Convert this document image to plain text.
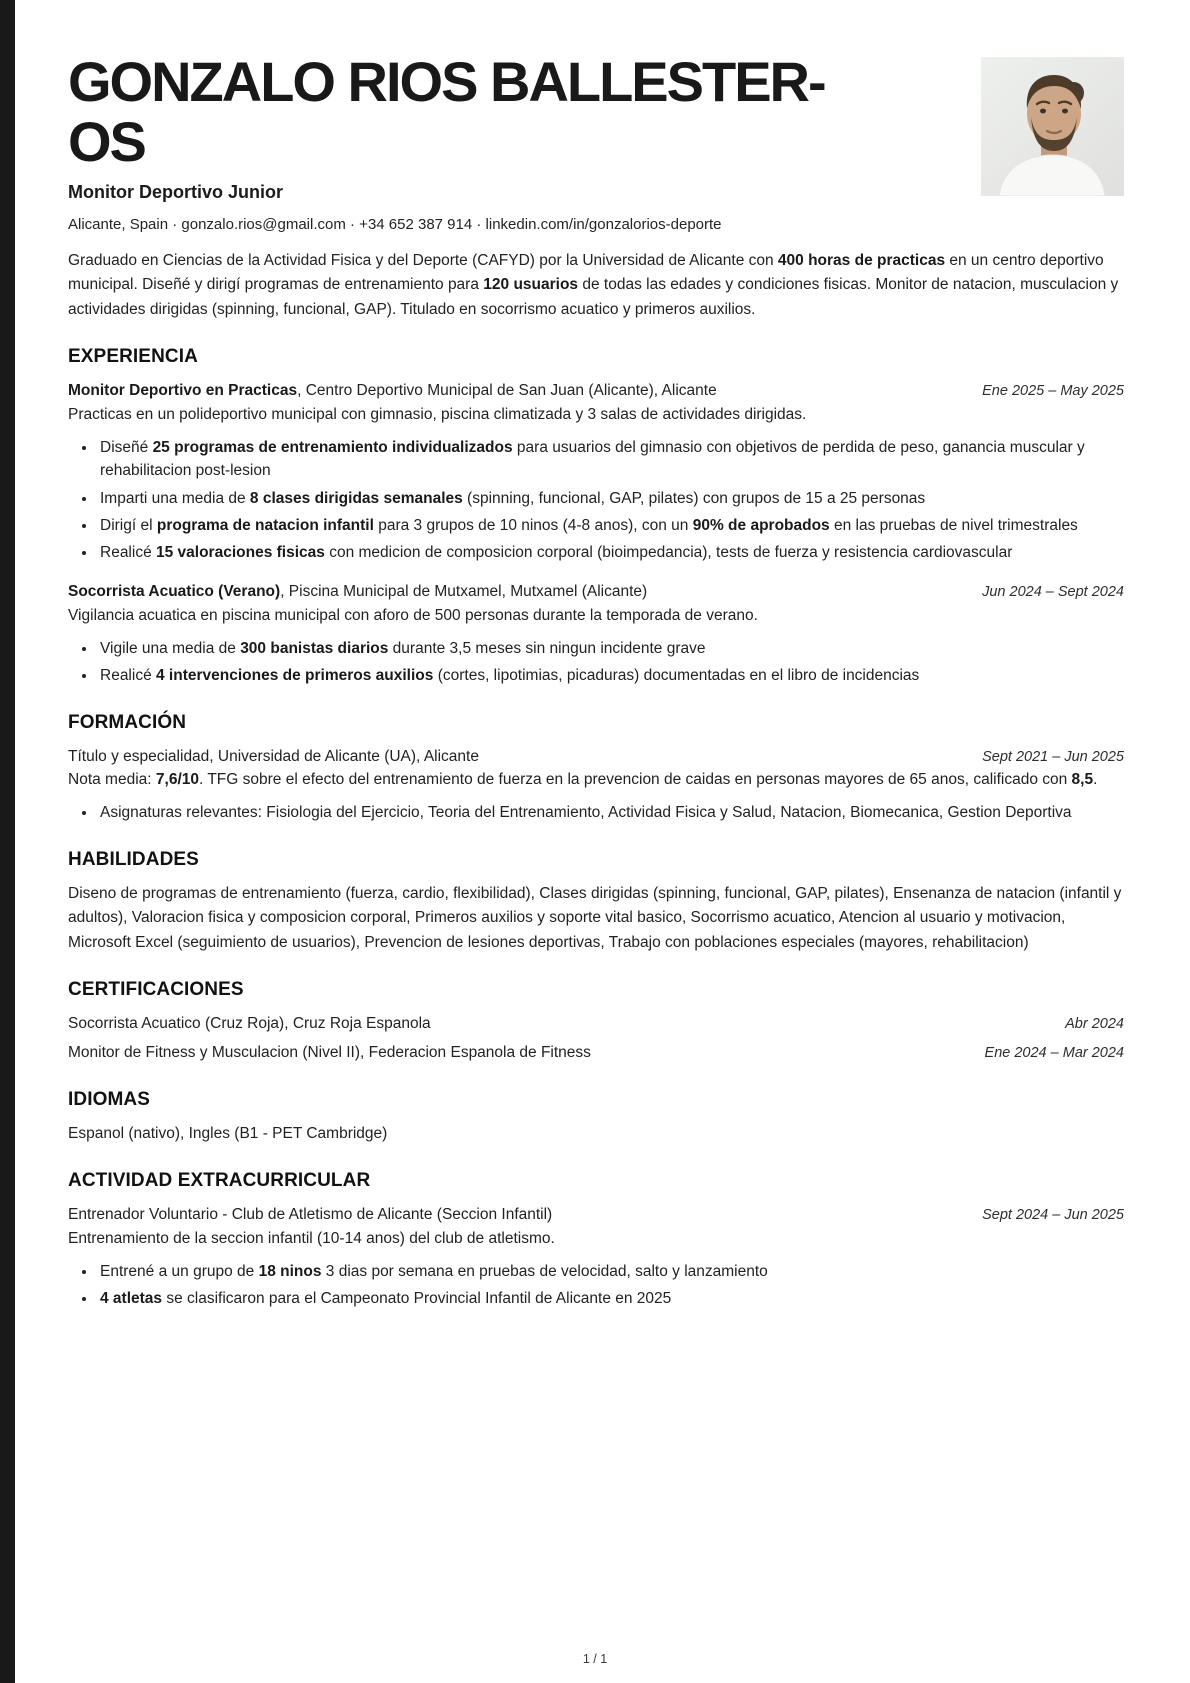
GONZALO RIOS BALLESTER-
OS
Monitor Deportivo Junior
Alicante, Spain · gonzalo.rios@gmail.com · +34 652 387 914 · linkedin.com/in/gonzalorios-deporte

Graduado en Ciencias de la Actividad Fisica y del Deporte (CAFYD) por la Universidad de Alicante con 400 horas de practicas en un centro deportivo municipal. Diseñé y dirigí programas de entrenamiento para 120 usuarios de todas las edades y condiciones fisicas. Monitor de natacion, musculacion y actividades dirigidas (spinning, funcional, GAP). Titulado en socorrismo acuatico y primeros auxilios.

EXPERIENCIA
Monitor Deportivo en Practicas, Centro Deportivo Municipal de San Juan (Alicante), Alicante	Ene 2025 – May 2025
Practicas en un polideportivo municipal con gimnasio, piscina climatizada y 3 salas de actividades dirigidas.
• Diseñé 25 programas de entrenamiento individualizados para usuarios del gimnasio con objetivos de perdida de peso, ganancia muscular y rehabilitacion post-lesion
• Imparti una media de 8 clases dirigidas semanales (spinning, funcional, GAP, pilates) con grupos de 15 a 25 personas
• Dirigí el programa de natacion infantil para 3 grupos de 10 ninos (4-8 anos), con un 90% de aprobados en las pruebas de nivel trimestrales
• Realicé 15 valoraciones fisicas con medicion de composicion corporal (bioimpedancia), tests de fuerza y resistencia cardiovascular
Socorrista Acuatico (Verano), Piscina Municipal de Mutxamel, Mutxamel (Alicante)	Jun 2024 – Sept 2024
Vigilancia acuatica en piscina municipal con aforo de 500 personas durante la temporada de verano.
• Vigile una media de 300 banistas diarios durante 3,5 meses sin ningun incidente grave
• Realicé 4 intervenciones de primeros auxilios (cortes, lipotimias, picaduras) documentadas en el libro de incidencias
FORMACIÓN
Título y especialidad, Universidad de Alicante (UA), Alicante	Sept 2021 – Jun 2025
Nota media: 7,6/10. TFG sobre el efecto del entrenamiento de fuerza en la prevencion de caidas en personas mayores de 65 anos, calificado con 8,5.
• Asignaturas relevantes: Fisiologia del Ejercicio, Teoria del Entrenamiento, Actividad Fisica y Salud, Natacion, Biomecanica, Gestion Deportiva
HABILIDADES

Diseno de programas de entrenamiento (fuerza, cardio, flexibilidad), Clases dirigidas (spinning, funcional, GAP, pilates), Ensenanza de natacion (infantil y adultos), Valoracion fisica y composicion corporal, Primeros auxilios y soporte vital basico, Socorrismo acuatico, Atencion al usuario y motivacion, Microsoft Excel (seguimiento de usuarios), Prevencion de lesiones deportivas, Trabajo con poblaciones especiales (mayores, rehabilitacion)

CERTIFICACIONES
Socorrista Acuatico (Cruz Roja), Cruz Roja Espanola	Abr 2024
Monitor de Fitness y Musculacion (Nivel II), Federacion Espanola de Fitness	Ene 2024 – Mar 2024
IDIOMAS

Espanol (nativo), Ingles (B1 - PET Cambridge)

ACTIVIDAD EXTRACURRICULAR
Entrenador Voluntario - Club de Atletismo de Alicante (Seccion Infantil)	Sept 2024 – Jun 2025
Entrenamiento de la seccion infantil (10-14 anos) del club de atletismo.
• Entrené a un grupo de 18 ninos 3 dias por semana en pruebas de velocidad, salto y lanzamiento
• 4 atletas se clasificaron para el Campeonato Provincial Infantil de Alicante en 2025
1 / 1
